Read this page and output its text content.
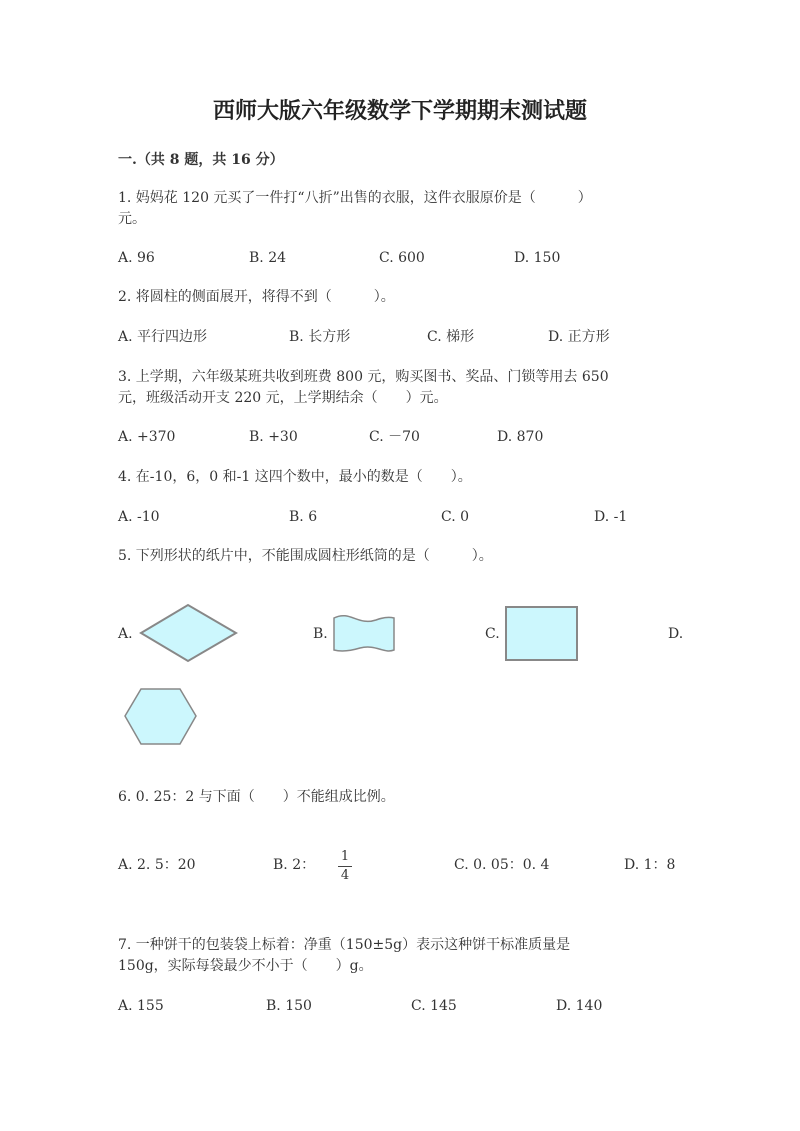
西师大版六年级数学下学期期末测试题
一.（共 8 题，共 16 分）
1. 妈妈花 120 元买了一件打“八折”出售的衣服，这件衣服原价是（　　　）
元。
A. 96	B. 24	C. 600	D. 150
2. 将圆柱的侧面展开，将得不到（　　　）。
A. 平行四边形	B. 长方形	C. 梯形	D. 正方形
3. 上学期，六年级某班共收到班费 800 元，购买图书、奖品、门锁等用去 650
元，班级活动开支 220 元，上学期结余（　　）元。
A. +370	B. +30	C. －70	D. 870
4. 在-10，6，0 和-1 这四个数中，最小的数是（　　）。
A. -10	B. 6	C. 0	D. -1
5. 下列形状的纸片中，不能围成圆柱形纸筒的是（　　　）。
A.	B.	C.	D.
6. 0. 25：2 与下面（　　）不能组成比例。
A. 2. 5：20	B. 2：
1
4
C. 0. 05：0. 4	D. 1：8
7. 一种饼干的包装袋上标着：净重（150±5g）表示这种饼干标准质量是
150g，实际每袋最少不小于（　　）g。
A. 155	B. 150	C. 145	D. 140
